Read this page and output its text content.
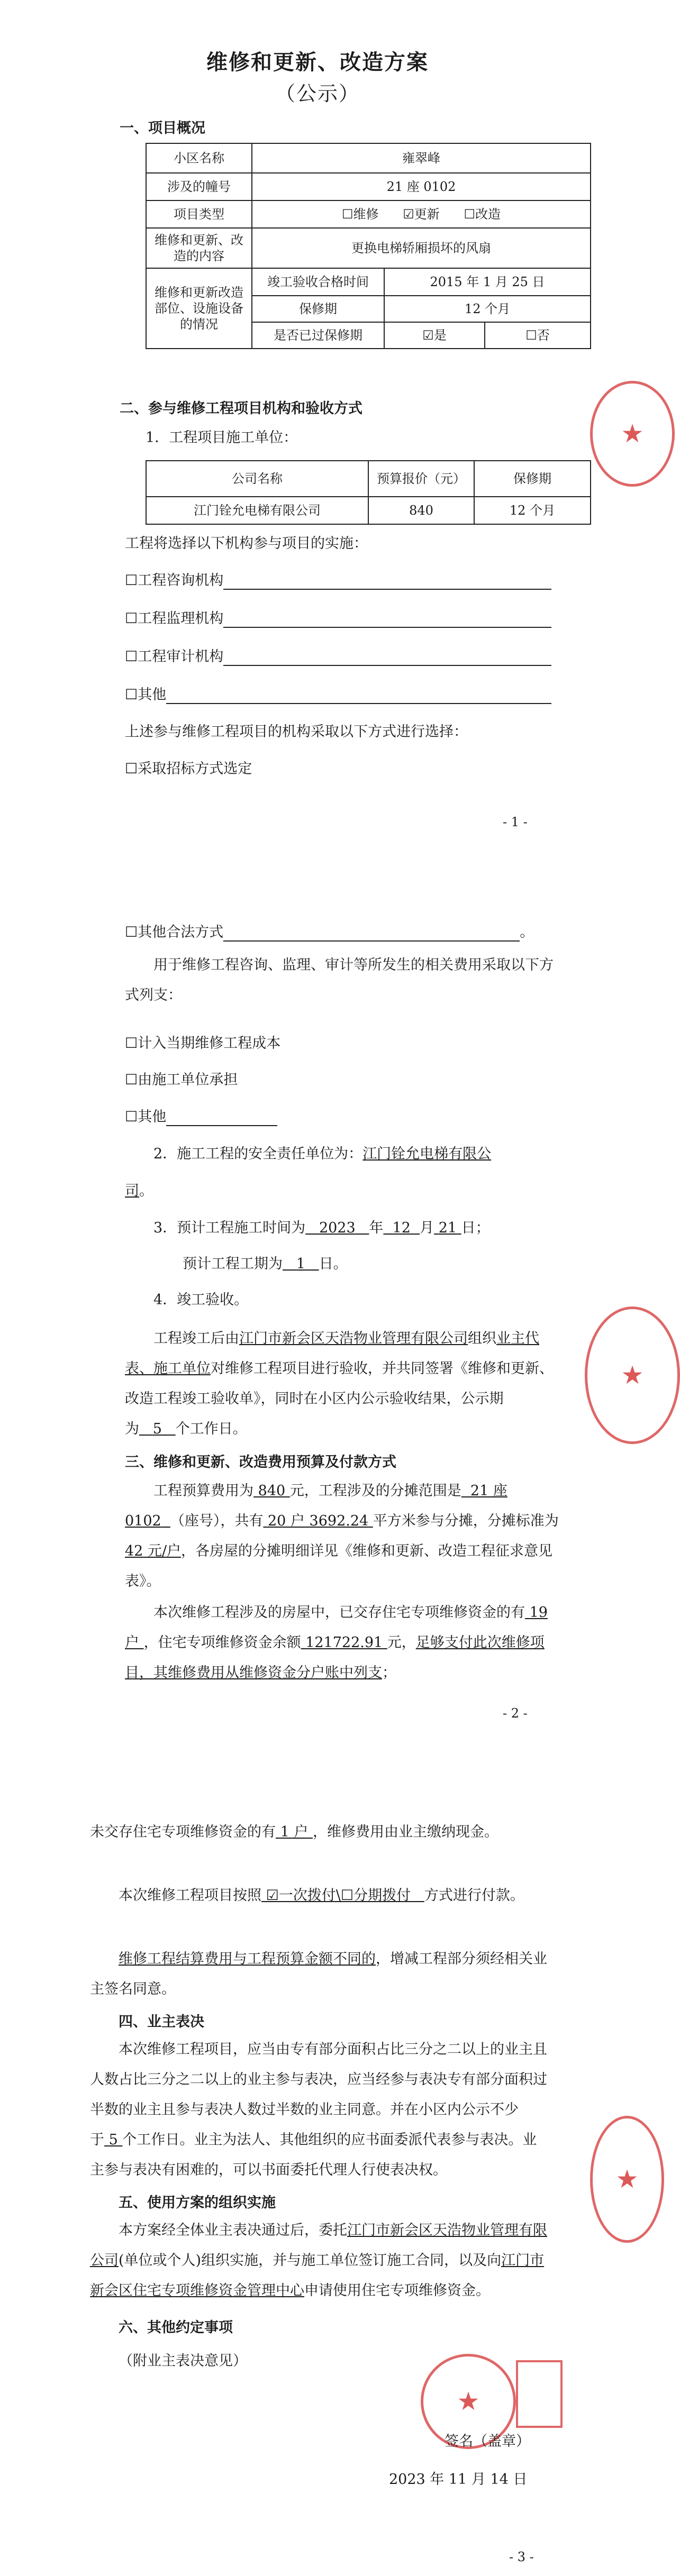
维修和更新、改造方案
（公示）
一、项目概况
小区名称	雍翠峰		
涉及的幢号	21 座 0102		
项目类型	☐维修 ☑更新 ☐改造		
维修和更新、改造的内容	更换电梯轿厢损坏的风扇		
维修和更新改造部位、设施设备的情况	竣工验收合格时间	2015 年 1 月 25 日	
	保修期	12 个月	
	是否已过保修期	☑是	☐否
二、参与维修工程项目机构和验收方式
1．工程项目施工单位：
公司名称	预算报价（元）	保修期
江门铨允电梯有限公司	840	12 个月
工程将选择以下机构参与项目的实施：
☐工程咨询机构
☐工程监理机构
☐工程审计机构
☐其他
上述参与维修工程项目的机构采取以下方式进行选择：
☐采取招标方式选定
- 1 -
★
☐其他合法方式	。
用于维修工程咨询、监理、审计等所发生的相关费用采取以下方式列支：
☐计入当期维修工程成本
☐由施工单位承担
☐其他
2．施工工程的安全责任单位为：江门铨允电梯有限公
司。
3．预计工程施工时间为 2023 年 12 月 21 日；
预计工程工期为 1 日。
4．竣工验收。
工程竣工后由江门市新会区天浩物业管理有限公司组织业主代表、施工单位对维修工程项目进行验收，并共同签署《维修和更新、改造工程竣工验收单》，同时在小区内公示验收结果，公示期为 5 个工作日。
三、维修和更新、改造费用预算及付款方式
工程预算费用为 840 元，工程涉及的分摊范围是 21 座 0102 （座号），共有 20 户 3692.24 平方米参与分摊，分摊标准为42 元/户，各房屋的分摊明细详见《维修和更新、改造工程征求意见表》。
本次维修工程涉及的房屋中，已交存住宅专项维修资金的有 19 户 ，住宅专项维修资金余额 121722.91 元，足够支付此次维修项目，其维修费用从维修资金分户账中列支；
- 2 -
★
未交存住宅专项维修资金的有 1 户 ，维修费用由业主缴纳现金。
本次维修工程项目按照 ☑一次拨付\☐分期拨付 方式进行付款。
维修工程结算费用与工程预算金额不同的，增减工程部分须经相关业主签名同意。
四、业主表决
本次维修工程项目，应当由专有部分面积占比三分之二以上的业主且人数占比三分之二以上的业主参与表决，应当经参与表决专有部分面积过半数的业主且参与表决人数过半数的业主同意。并在小区内公示不少于 5 个工作日。业主为法人、其他组织的应书面委派代表参与表决。业主参与表决有困难的，可以书面委托代理人行使表决权。
五、使用方案的组织实施
本方案经全体业主表决通过后，委托江门市新会区天浩物业管理有限公司(单位或个人)组织实施，并与施工单位签订施工合同，以及向江门市新会区住宅专项维修资金管理中心申请使用住宅专项维修资金。
六、其他约定事项
（附业主表决意见）
★
★
签名（盖章）
2023 年 11 月 14 日
- 3 -
